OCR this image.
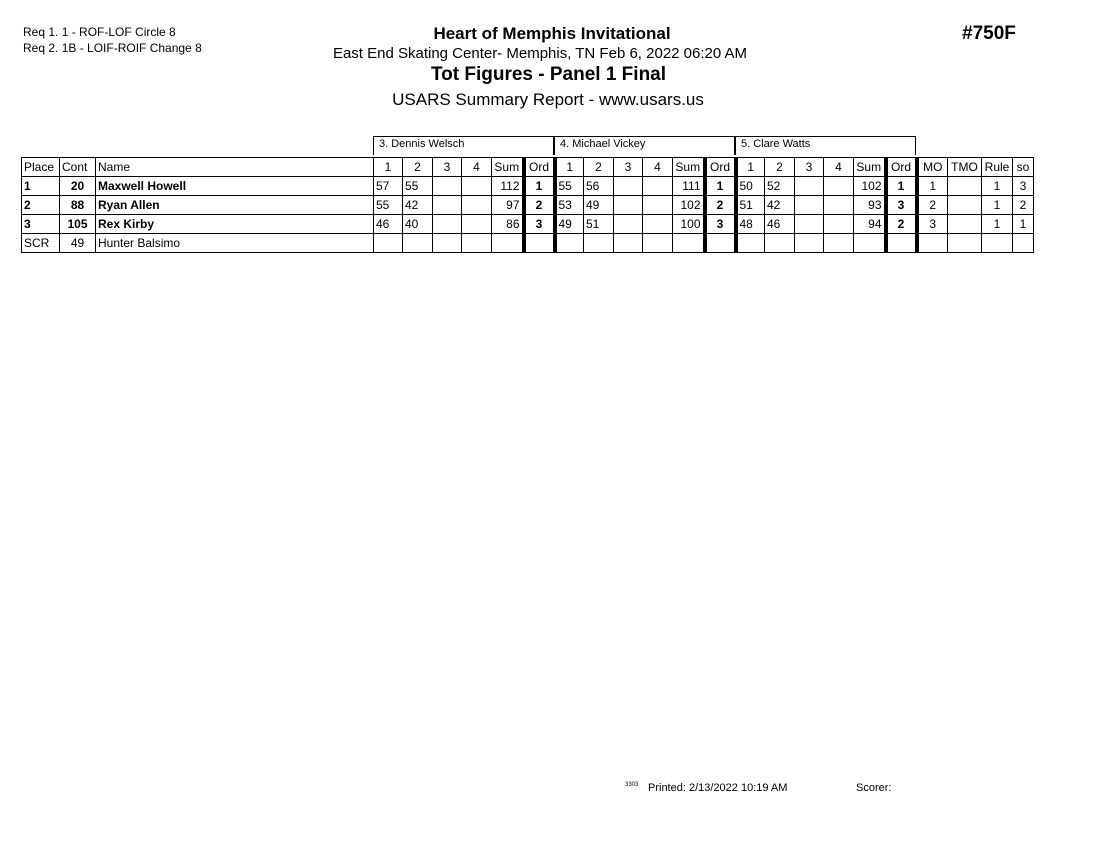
Req 1. 1 - ROF-LOF Circle 8
Req 2. 1B - LOIF-ROIF Change 8
Heart of Memphis Invitational
East End Skating Center- Memphis, TN Feb 6, 2022 06:20 AM
Tot Figures - Panel 1 Final
USARS Summary Report - www.usars.us
#750F
3. Dennis Welsch	4. Michael Vickey	5. Clare Watts
Place	Cont	Name	1	2	3	4	Sum	Ord	1	2	3	4	Sum	Ord	1	2	3	4	Sum	Ord	MO	TMO	Rule	so
1	20	Maxwell Howell	57	55			112	1	55	56			111	1	50	52			102	1	1		1	3
2	88	Ryan Allen	55	42			97	2	53	49			102	2	51	42			93	3	2		1	2
3	105	Rex Kirby	46	40			86	3	49	51			100	3	48	46			94	2	3		1	1
SCR	49	Hunter Balsimo																						
3303 Printed: 2/13/2022 10:19 AM	Scorer:
